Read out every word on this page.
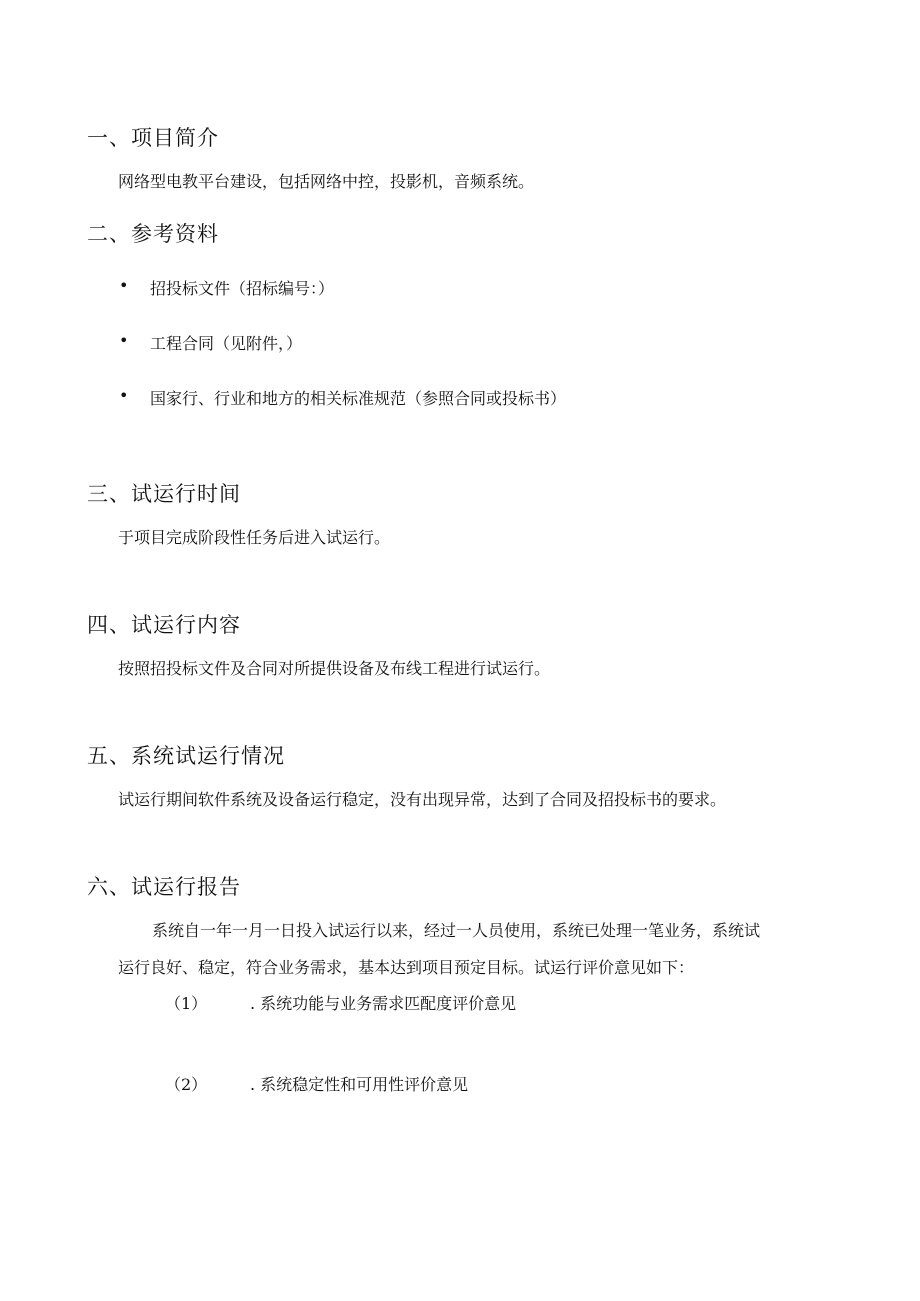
一、项目简介
网络型电教平台建设，包括网络中控，投影机，音频系统。
二、参考资料
• 招投标文件（招标编号：）
• 工程合同（见附件，）
• 国家行、行业和地方的相关标准规范（参照合同或投标书）
三、试运行时间
于项目完成阶段性任务后进入试运行。
四、试运行内容
按照招投标文件及合同对所提供设备及布线工程进行试运行。
五、系统试运行情况
试运行期间软件系统及设备运行稳定，没有出现异常，达到了合同及招投标书的要求。
六、试运行报告
系统自一年一月一日投入试运行以来，经过一人员使用，系统已处理一笔业务，系统试
运行良好、稳定，符合业务需求，基本达到项目预定目标。试运行评价意见如下：
（1）	. 系统功能与业务需求匹配度评价意见
（2）	. 系统稳定性和可用性评价意见
